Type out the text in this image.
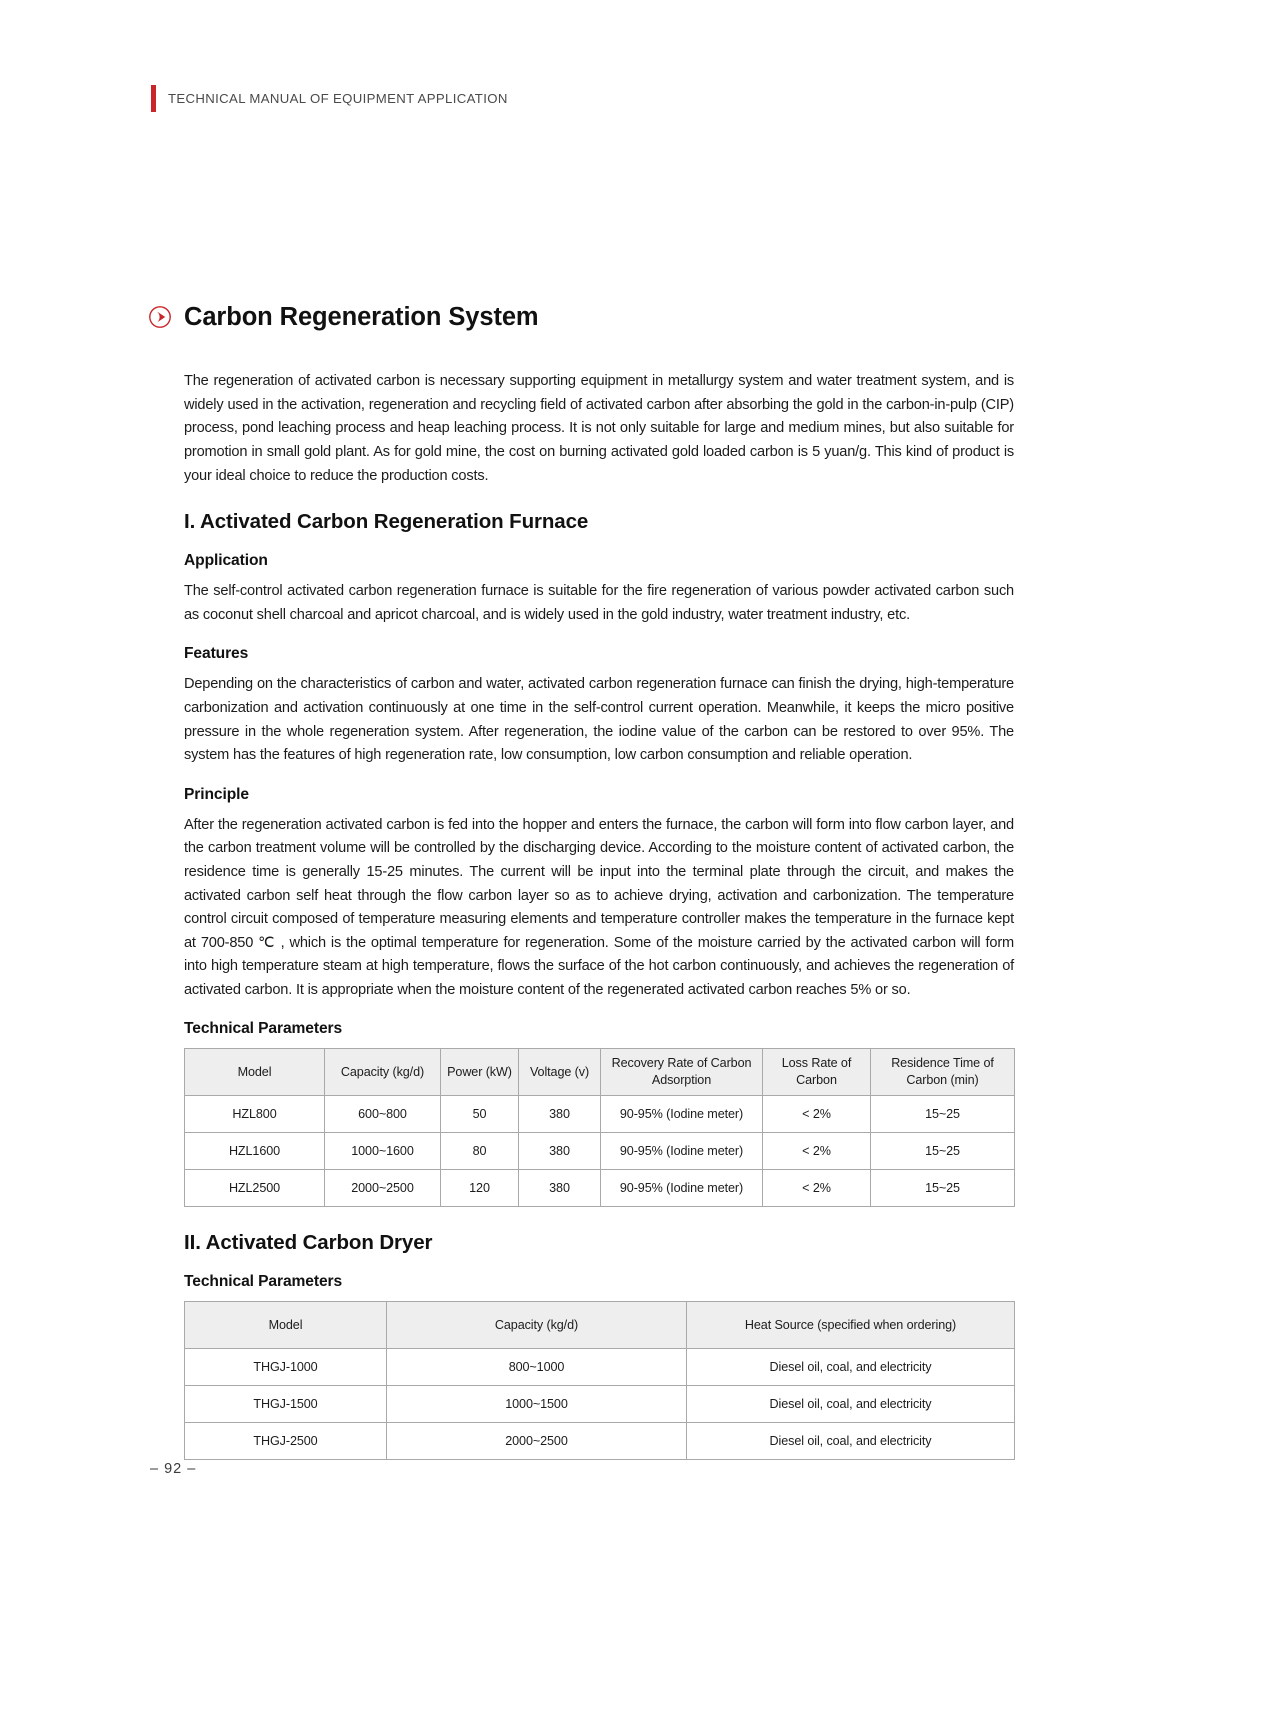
TECHNICAL MANUAL OF EQUIPMENT APPLICATION
Carbon Regeneration System

The regeneration of activated carbon is necessary supporting equipment in metallurgy system and water treatment system, and is widely used in the activation, regeneration and recycling field of activated carbon after absorbing the gold in the carbon-in-pulp (CIP) process, pond leaching process and heap leaching process. It is not only suitable for large and medium mines, but also suitable for promotion in small gold plant. As for gold mine, the cost on burning activated gold loaded carbon is 5 yuan/g. This kind of product is your ideal choice to reduce the production costs.

I. Activated Carbon Regeneration Furnace
Application

The self-control activated carbon regeneration furnace is suitable for the fire regeneration of various powder activated carbon such as coconut shell charcoal and apricot charcoal, and is widely used in the gold industry, water treatment industry, etc.

Features

Depending on the characteristics of carbon and water, activated carbon regeneration furnace can finish the drying, high-temperature carbonization and activation continuously at one time in the self-control current operation. Meanwhile, it keeps the micro positive pressure in the whole regeneration system. After regeneration, the iodine value of the carbon can be restored to over 95%. The system has the features of high regeneration rate, low consumption, low carbon consumption and reliable operation.

Principle

After the regeneration activated carbon is fed into the hopper and enters the furnace, the carbon will form into flow carbon layer, and the carbon treatment volume will be controlled by the discharging device. According to the moisture content of activated carbon, the residence time is generally 15-25 minutes. The current will be input into the terminal plate through the circuit, and makes the activated carbon self heat through the flow carbon layer so as to achieve drying, activation and carbonization. The temperature control circuit composed of temperature measuring elements and temperature controller makes the temperature in the furnace kept at 700-850 ℃ , which is the optimal temperature for regeneration. Some of the moisture carried by the activated carbon will form into high temperature steam at high temperature, flows the surface of the hot carbon continuously, and achieves the regeneration of activated carbon. It is appropriate when the moisture content of the regenerated activated carbon reaches 5% or so.

Technical Parameters
Model	Capacity (kg/d)	Power (kW)	Voltage (v)	Recovery Rate of Carbon Adsorption	Loss Rate of Carbon	Residence Time of Carbon (min)
HZL800	600~800	50	380	90-95% (Iodine meter)	< 2%	15~25
HZL1600	1000~1600	80	380	90-95% (Iodine meter)	< 2%	15~25
HZL2500	2000~2500	120	380	90-95% (Iodine meter)	< 2%	15~25
II. Activated Carbon Dryer
Technical Parameters
Model	Capacity (kg/d)	Heat Source (specified when ordering)
THGJ-1000	800~1000	Diesel oil, coal, and electricity
THGJ-1500	1000~1500	Diesel oil, coal, and electricity
THGJ-2500	2000~2500	Diesel oil, coal, and electricity
– 92 –
